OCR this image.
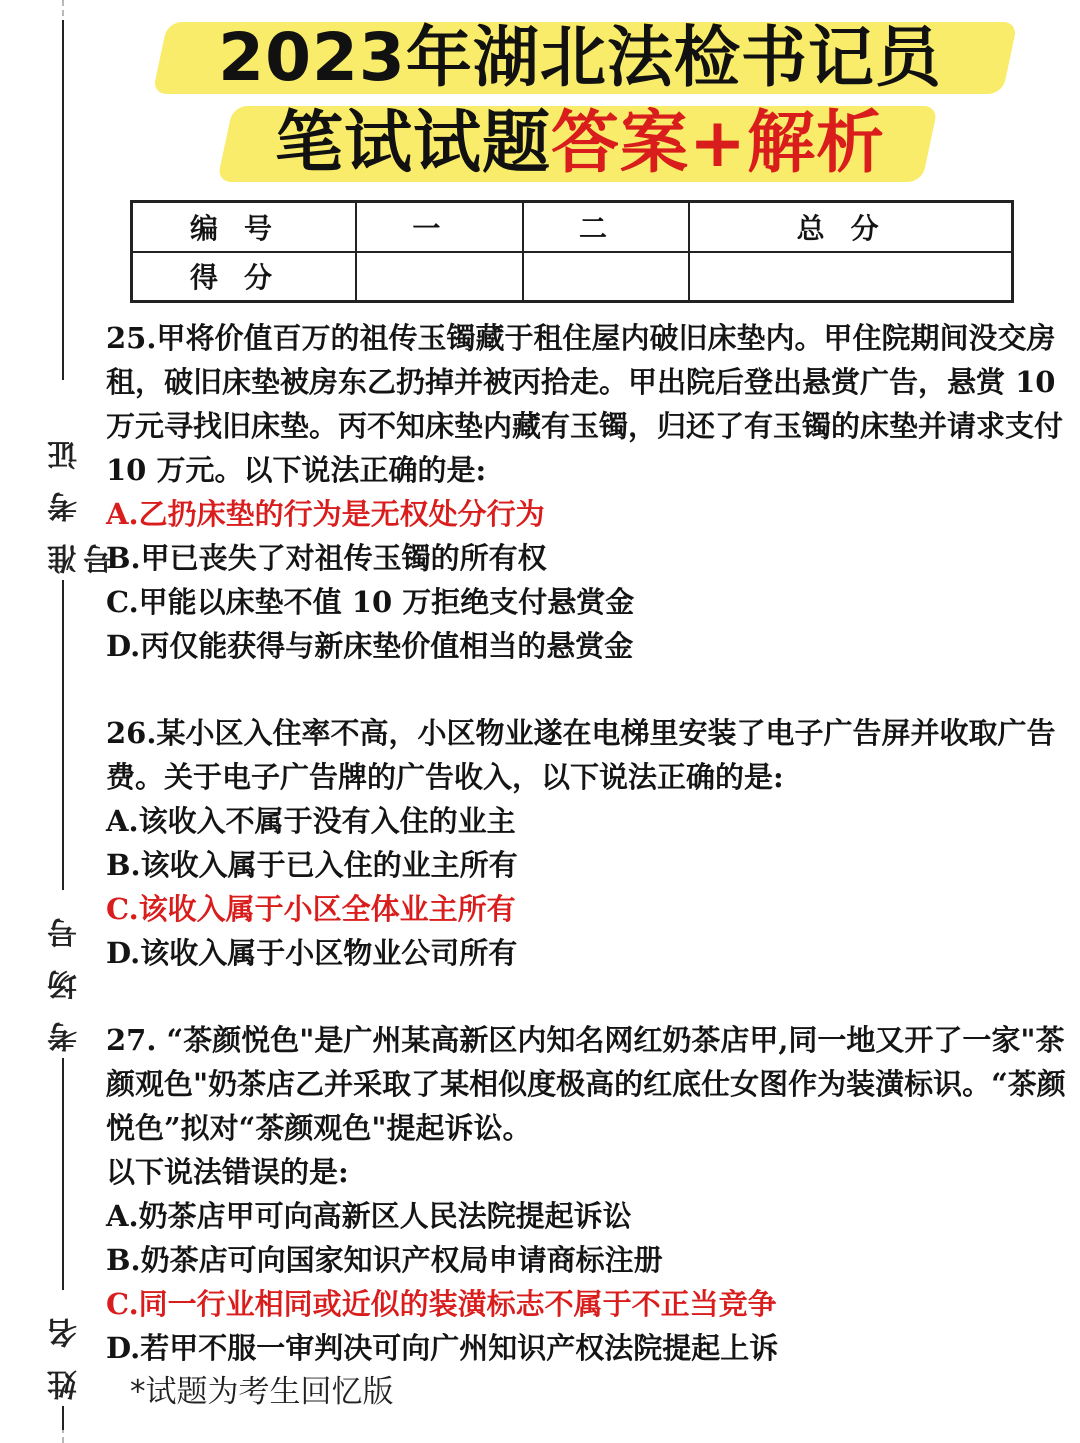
准考证号
考场号
姓名
2023年湖北法检书记员
笔试试题答案+解析
编号	一	二	总分
得分			

25.甲将价值百万的祖传玉镯藏于租住屋内破旧床垫内。甲住院期间没交房租，破旧床垫被房东乙扔掉并被丙拾走。甲出院后登出悬赏广告，悬赏 10万元寻找旧床垫。丙不知床垫内藏有玉镯，归还了有玉镯的床垫并请求支付 10 万元。以下说法正确的是:

A.乙扔床垫的行为是无权处分行为

B.甲已丧失了对祖传玉镯的所有权

C.甲能以床垫不值 10 万拒绝支付悬赏金

D.丙仅能获得与新床垫价值相当的悬赏金

26.某小区入住率不高，小区物业遂在电梯里安装了电子广告屏并收取广告费。关于电子广告牌的广告收入，以下说法正确的是:

A.该收入不属于没有入住的业主

B.该收入属于已入住的业主所有

C.该收入属于小区全体业主所有

D.该收入属于小区物业公司所有

27. “茶颜悦色"是广州某高新区内知名网红奶茶店甲,同一地又开了一家"茶颜观色"奶茶店乙并采取了某相似度极高的红底仕女图作为装潢标识。“茶颜悦色”拟对“茶颜观色"提起诉讼。

以下说法错误的是:

A.奶茶店甲可向高新区人民法院提起诉讼

B.奶茶店可向国家知识产权局申请商标注册

C.同一行业相同或近似的装潢标志不属于不正当竞争

D.若甲不服一审判决可向广州知识产权法院提起上诉

*试题为考生回忆版
